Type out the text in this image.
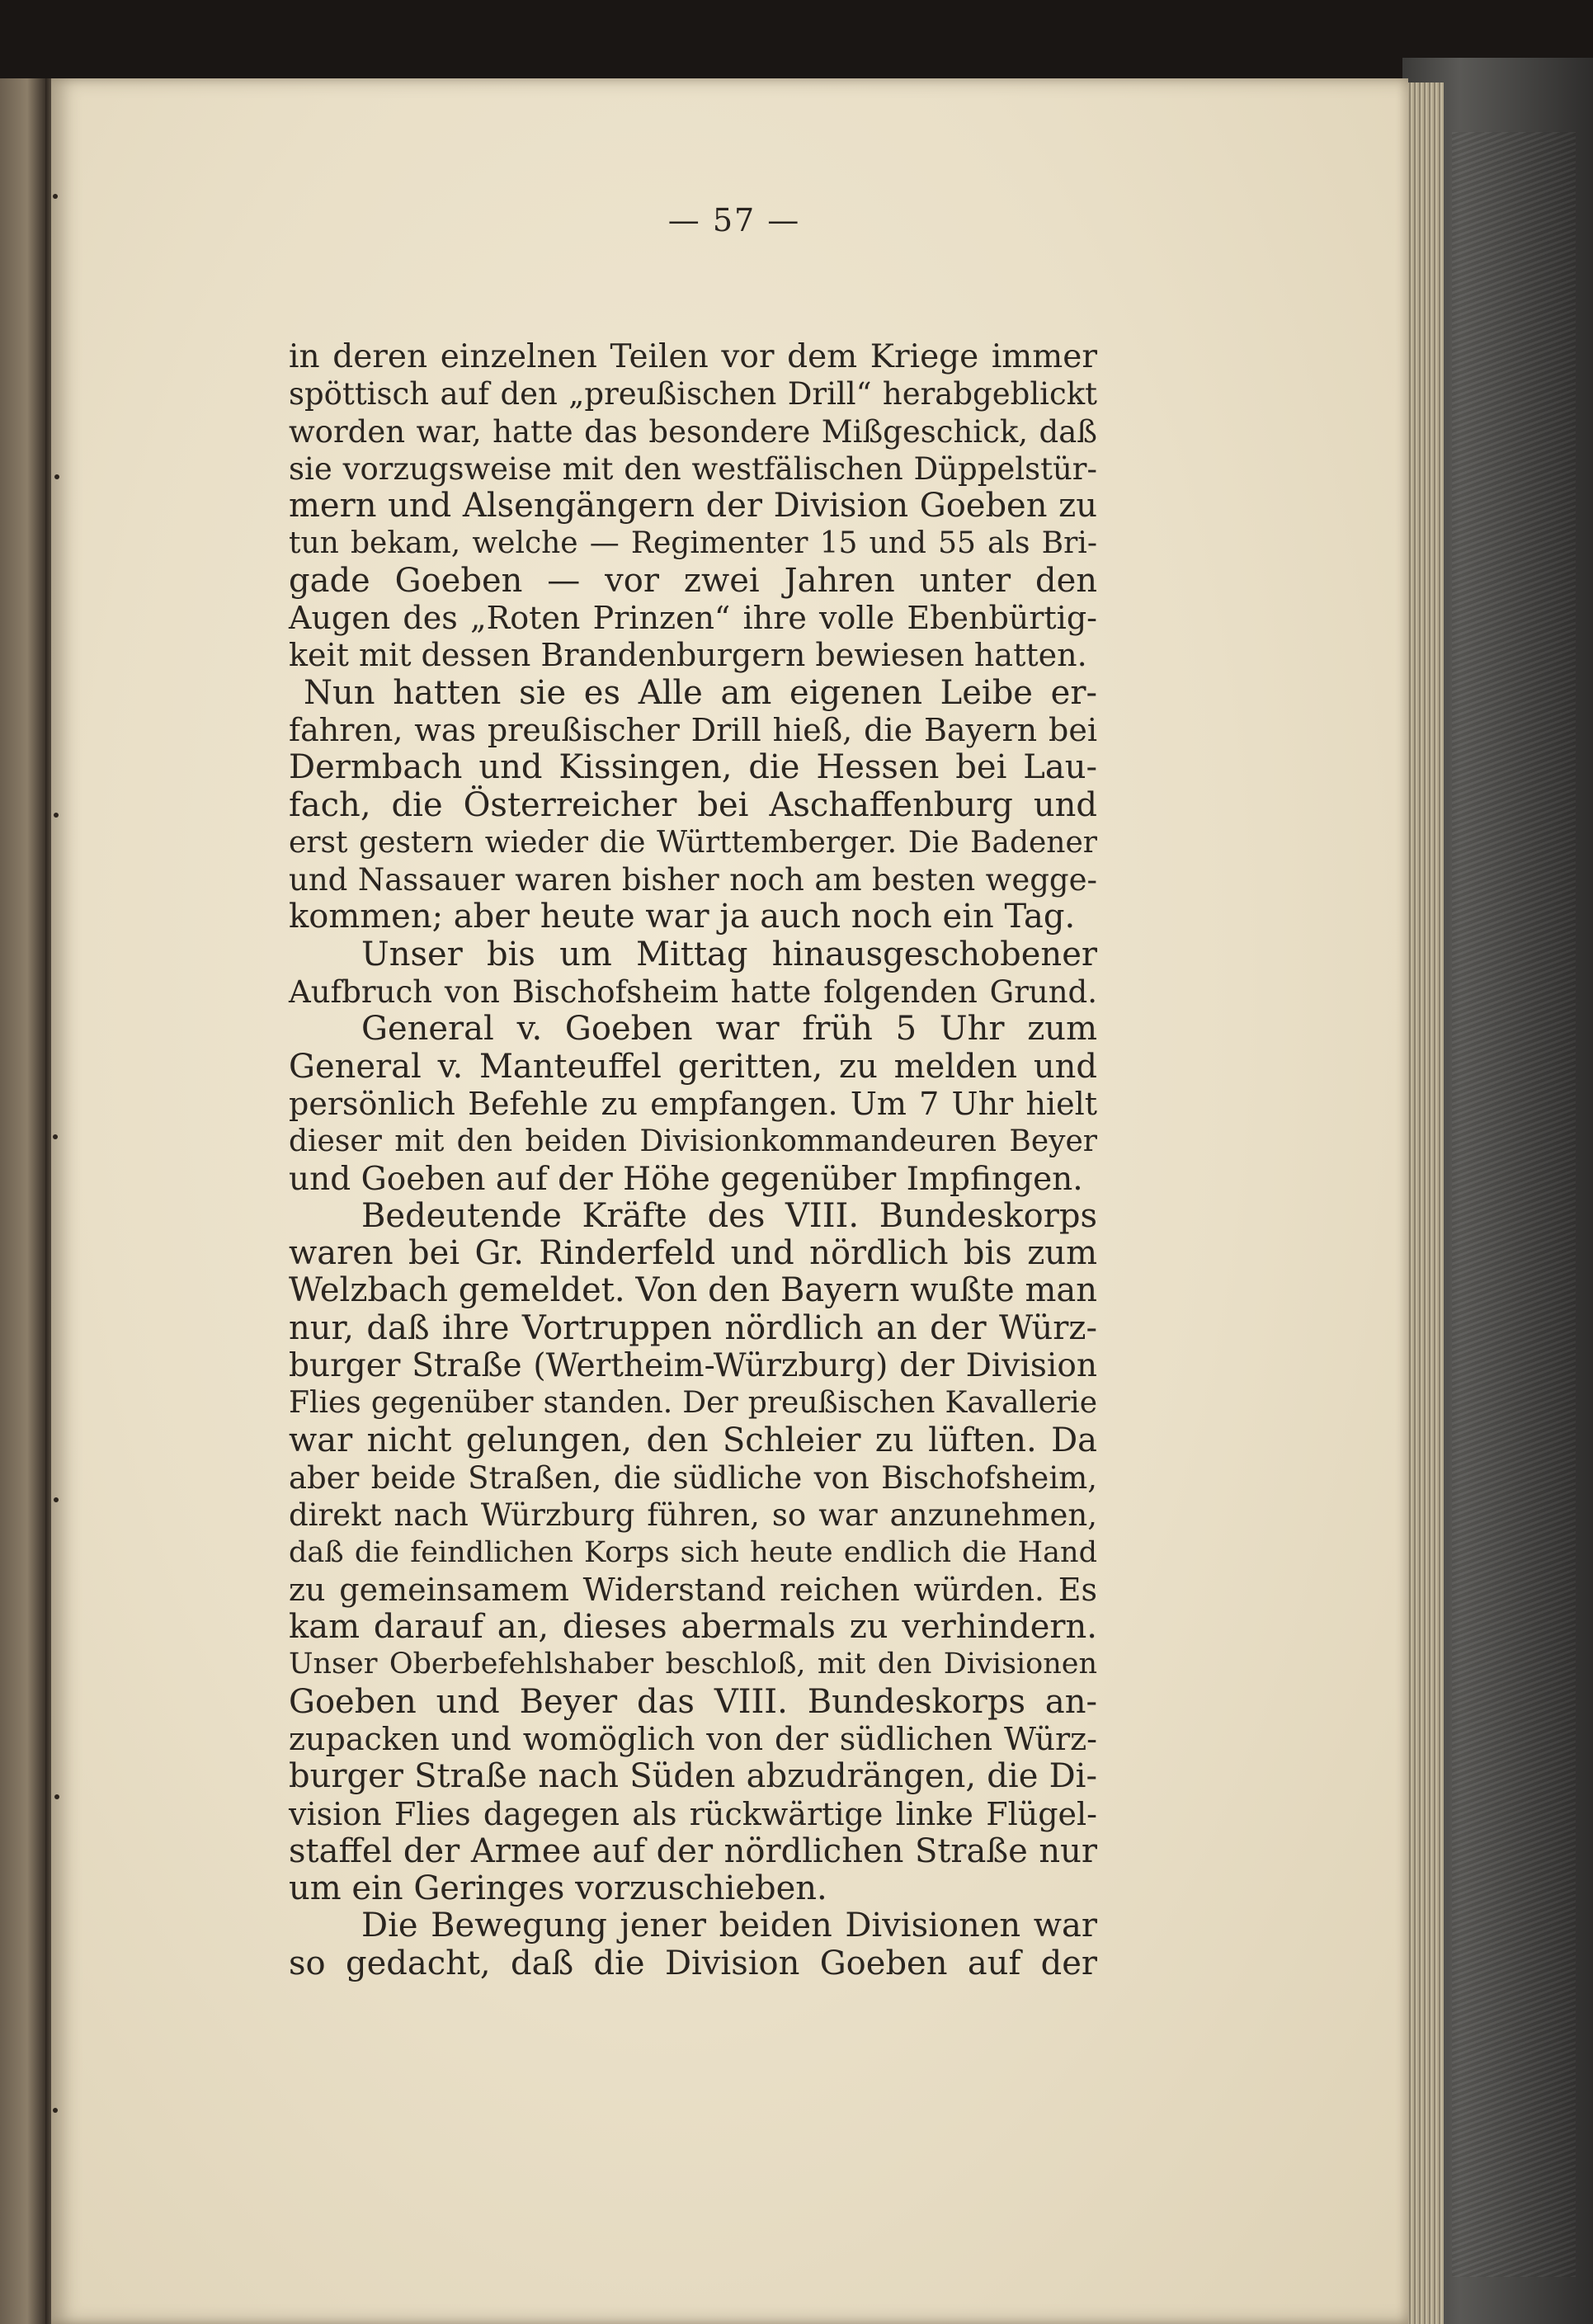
— 57 —
in deren einzelnen Teilen vor dem Kriege immer
spöttisch auf den „preußischen Drill“ herabgeblickt
worden war, hatte das besondere Mißgeschick, daß
sie vorzugsweise mit den westfälischen Düppelstür-
mern und Alsengängern der Division Goeben zu
tun bekam, welche — Regimenter 15 und 55 als Bri-
gade Goeben — vor zwei Jahren unter den
Augen des „Roten Prinzen“ ihre volle Ebenbürtig-
keit mit dessen Brandenburgern bewiesen hatten.
Nun hatten sie es Alle am eigenen Leibe er-
fahren, was preußischer Drill hieß, die Bayern bei
Dermbach und Kissingen, die Hessen bei Lau-
fach, die Österreicher bei Aschaffenburg und
erst gestern wieder die Württemberger. Die Badener
und Nassauer waren bisher noch am besten wegge-
kommen; aber heute war ja auch noch ein Tag.
Unser bis um Mittag hinausgeschobener
Aufbruch von Bischofsheim hatte folgenden Grund.
General v. Goeben war früh 5 Uhr zum
General v. Manteuffel geritten, zu melden und
persönlich Befehle zu empfangen. Um 7 Uhr hielt
dieser mit den beiden Divisionkommandeuren Beyer
und Goeben auf der Höhe gegenüber Impfingen.
Bedeutende Kräfte des VIII. Bundeskorps
waren bei Gr. Rinderfeld und nördlich bis zum
Welzbach gemeldet. Von den Bayern wußte man
nur, daß ihre Vortruppen nördlich an der Würz-
burger Straße (Wertheim-Würzburg) der Division
Flies gegenüber standen. Der preußischen Kavallerie
war nicht gelungen, den Schleier zu lüften. Da
aber beide Straßen, die südliche von Bischofsheim,
direkt nach Würzburg führen, so war anzunehmen,
daß die feindlichen Korps sich heute endlich die Hand
zu gemeinsamem Widerstand reichen würden. Es
kam darauf an, dieses abermals zu verhindern.
Unser Oberbefehlshaber beschloß, mit den Divisionen
Goeben und Beyer das VIII. Bundeskorps an-
zupacken und womöglich von der südlichen Würz-
burger Straße nach Süden abzudrängen, die Di-
vision Flies dagegen als rückwärtige linke Flügel-
staffel der Armee auf der nördlichen Straße nur
um ein Geringes vorzuschieben.
Die Bewegung jener beiden Divisionen war
so gedacht, daß die Division Goeben auf der
